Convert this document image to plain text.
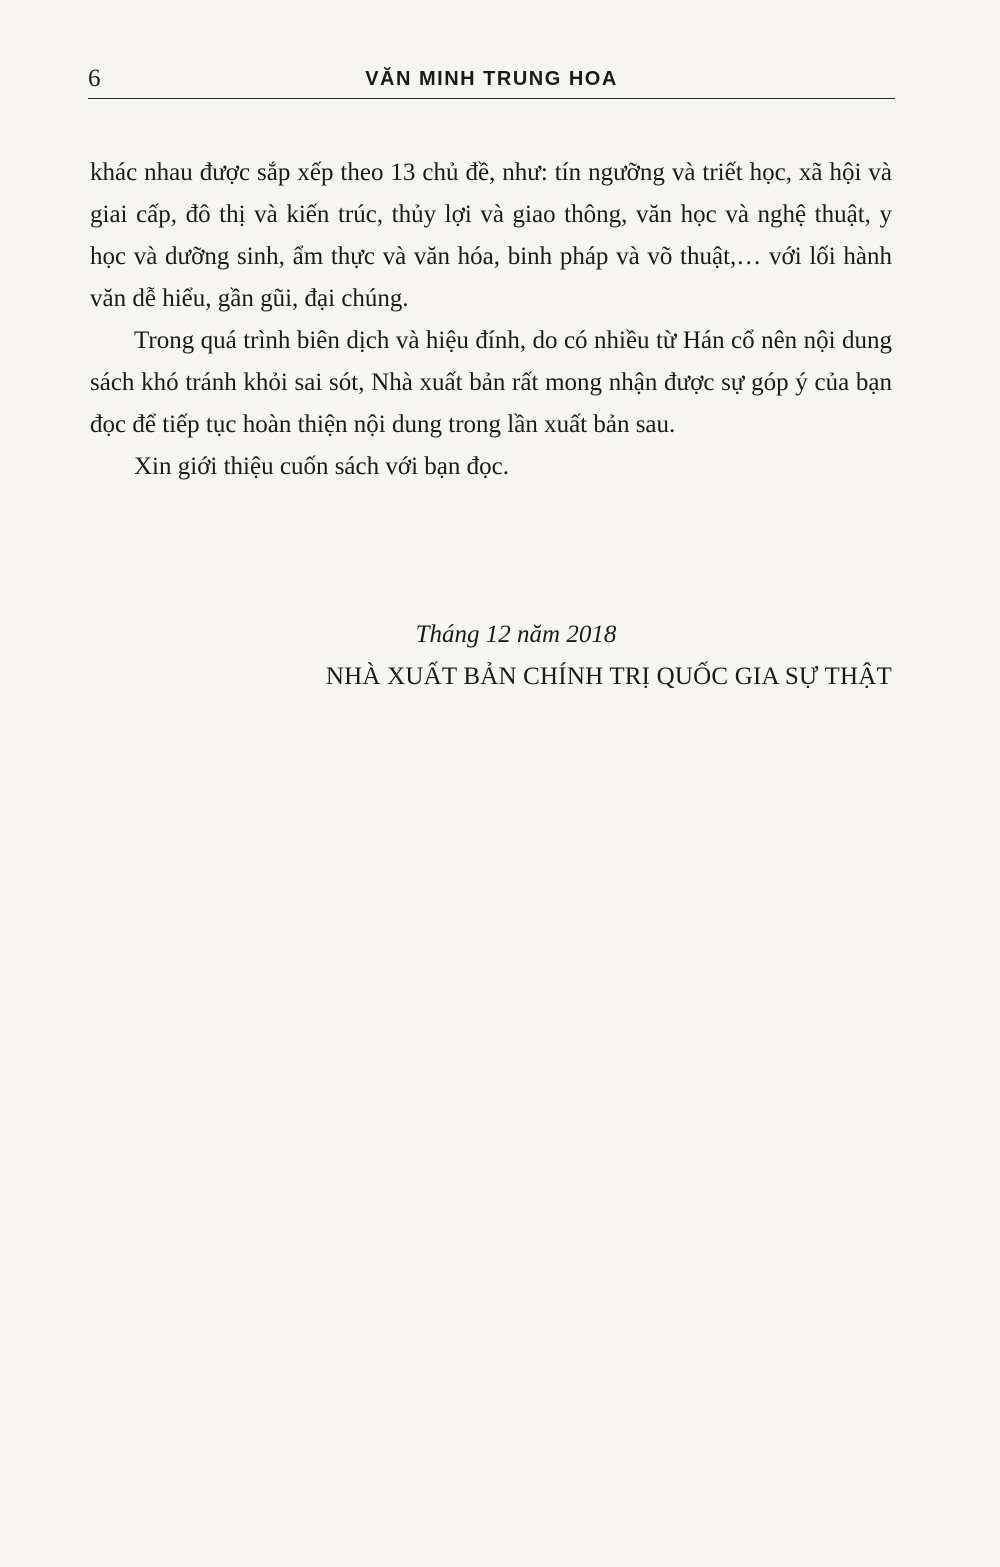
6	VĂN MINH TRUNG HOA

khác nhau được sắp xếp theo 13 chủ đề, như: tín ngưỡng và triết học, xã hội và giai cấp, đô thị và kiến trúc, thủy lợi và giao thông, văn học và nghệ thuật, y học và dưỡng sinh, ẩm thực và văn hóa, binh pháp và võ thuật,… với lối hành văn dễ hiểu, gần gũi, đại chúng.

Trong quá trình biên dịch và hiệu đính, do có nhiều từ Hán cổ nên nội dung sách khó tránh khỏi sai sót, Nhà xuất bản rất mong nhận được sự góp ý của bạn đọc để tiếp tục hoàn thiện nội dung trong lần xuất bản sau.

Xin giới thiệu cuốn sách với bạn đọc.

Tháng 12 năm 2018
NHÀ XUẤT BẢN CHÍNH TRỊ QUỐC GIA SỰ THẬT
